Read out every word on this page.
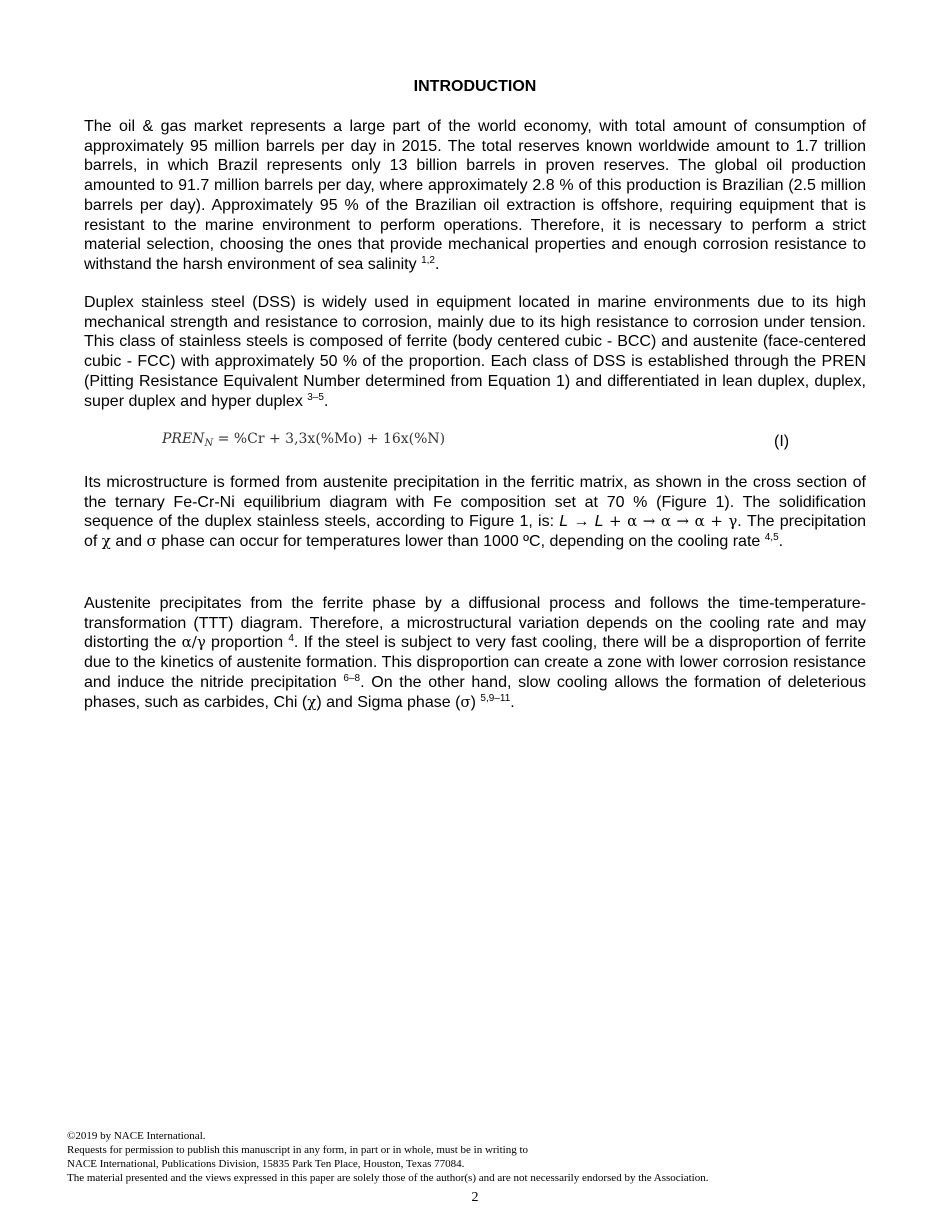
INTRODUCTION

The oil & gas market represents a large part of the world economy, with total amount of consumption of approximately 95 million barrels per day in 2015. The total reserves known worldwide amount to 1.7 trillion barrels, in which Brazil represents only 13 billion barrels in proven reserves. The global oil production amounted to 91.7 million barrels per day, where approximately 2.8 % of this production is Brazilian (2.5 million barrels per day). Approximately 95 % of the Brazilian oil extraction is offshore, requiring equipment that is resistant to the marine environment to perform operations. Therefore, it is necessary to perform a strict material selection, choosing the ones that provide mechanical properties and enough corrosion resistance to withstand the harsh environment of sea salinity $^{1,2}$.

Duplex stainless steel (DSS) is widely used in equipment located in marine environments due to its high mechanical strength and resistance to corrosion, mainly due to its high resistance to corrosion under tension. This class of stainless steels is composed of ferrite (body centered cubic - BCC) and austenite (face-centered cubic - FCC) with approximately 50 % of the proportion. Each class of DSS is established through the PREN (Pitting Resistance Equivalent Number determined from Equation 1) and differentiated in lean duplex, duplex, super duplex and hyper duplex $^{3-5}$.

$PREN_N = \%Cr + 3,3x(\%Mo) + 16x(\%N)$	(I)

Its microstructure is formed from austenite precipitation in the ferritic matrix, as shown in the cross section of the ternary Fe-Cr-Ni equilibrium diagram with Fe composition set at 70 % (Figure 1). The solidification sequence of the duplex stainless steels, according to Figure 1, is: L → L + α → α → α + γ. The precipitation of χ and σ phase can occur for temperatures lower than 1000 ºC, depending on the cooling rate $^{4,5}$.

Austenite precipitates from the ferrite phase by a diffusional process and follows the time-temperature-transformation (TTT) diagram. Therefore, a microstructural variation depends on the cooling rate and may distorting the α/γ proportion $^4$. If the steel is subject to very fast cooling, there will be a disproportion of ferrite due to the kinetics of austenite formation. This disproportion can create a zone with lower corrosion resistance and induce the nitride precipitation $^{6-8}$. On the other hand, slow cooling allows the formation of deleterious phases, such as carbides, Chi (χ) and Sigma phase (σ) $^{5,9-11}$.

©2019 by NACE International.
Requests for permission to publish this manuscript in any form, in part or in whole, must be in writing to
NACE International, Publications Division, 15835 Park Ten Place, Houston, Texas 77084.
The material presented and the views expressed in this paper are solely those of the author(s) and are not necessarily endorsed by the Association.
2
